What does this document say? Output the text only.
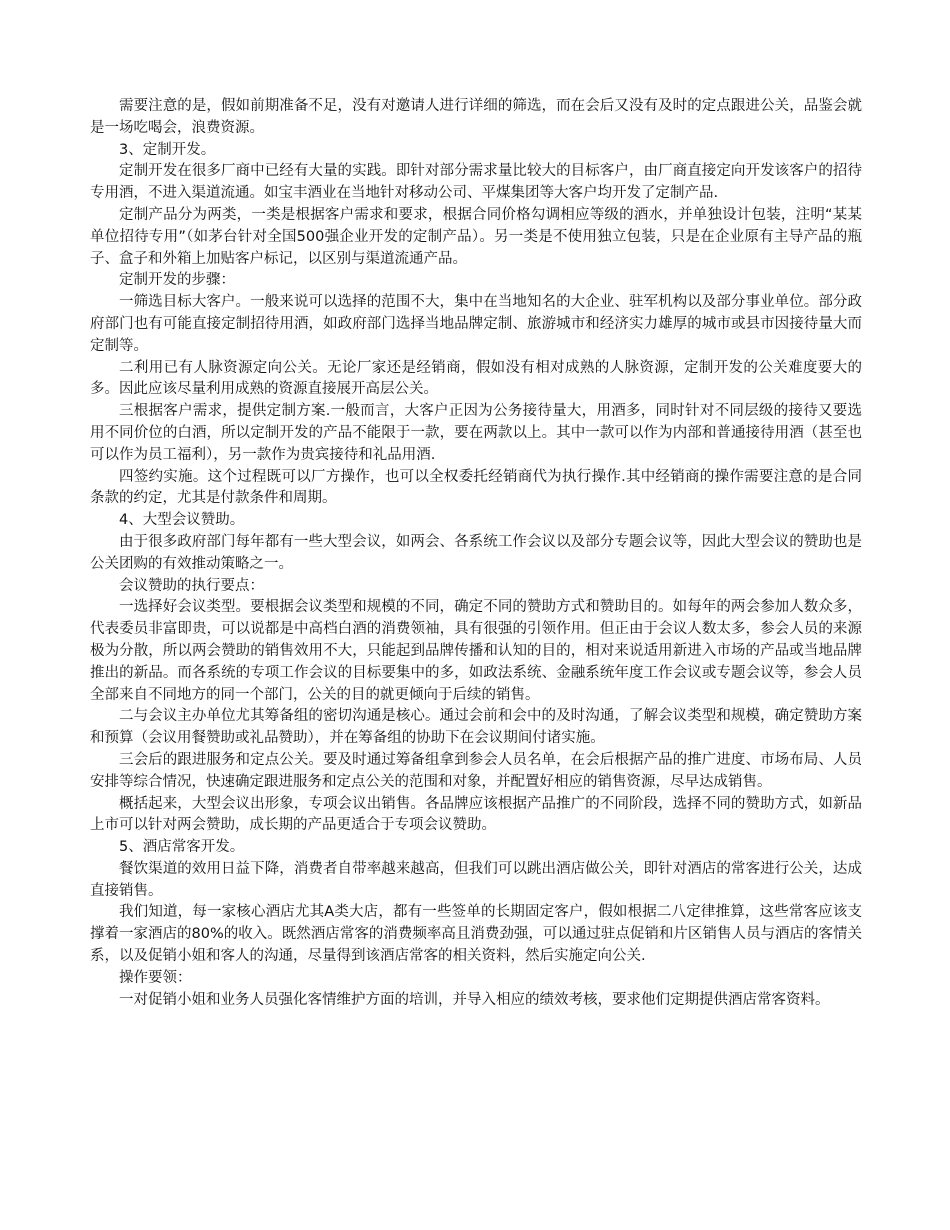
需要注意的是，假如前期准备不足，没有对邀请人进行详细的筛选，而在会后又没有及时的定点跟进公关，品鉴会就是一场吃喝会，浪费资源。

3、定制开发。

定制开发在很多厂商中已经有大量的实践。即针对部分需求量比较大的目标客户，由厂商直接定向开发该客户的招待专用酒，不进入渠道流通。如宝丰酒业在当地针对移动公司、平煤集团等大客户均开发了定制产品.

定制产品分为两类，一类是根据客户需求和要求，根据合同价格勾调相应等级的酒水，并单独设计包装，注明“某某单位招待专用”（如茅台针对全国500强企业开发的定制产品）。另一类是不使用独立包装，只是在企业原有主导产品的瓶子、盒子和外箱上加贴客户标记，以区别与渠道流通产品。

定制开发的步骤：

一筛选目标大客户。一般来说可以选择的范围不大，集中在当地知名的大企业、驻军机构以及部分事业单位。部分政府部门也有可能直接定制招待用酒，如政府部门选择当地品牌定制、旅游城市和经济实力雄厚的城市或县市因接待量大而定制等。

二利用已有人脉资源定向公关。无论厂家还是经销商，假如没有相对成熟的人脉资源，定制开发的公关难度要大的多。因此应该尽量利用成熟的资源直接展开高层公关。

三根据客户需求，提供定制方案.一般而言，大客户正因为公务接待量大，用酒多，同时针对不同层级的接待又要选用不同价位的白酒，所以定制开发的产品不能限于一款，要在两款以上。其中一款可以作为内部和普通接待用酒（甚至也可以作为员工福利），另一款作为贵宾接待和礼品用酒.

四签约实施。这个过程既可以厂方操作，也可以全权委托经销商代为执行操作.其中经销商的操作需要注意的是合同条款的约定，尤其是付款条件和周期。

4、大型会议赞助。

由于很多政府部门每年都有一些大型会议，如两会、各系统工作会议以及部分专题会议等，因此大型会议的赞助也是公关团购的有效推动策略之一。

会议赞助的执行要点：

一选择好会议类型。要根据会议类型和规模的不同，确定不同的赞助方式和赞助目的。如每年的两会参加人数众多，代表委员非富即贵，可以说都是中高档白酒的消费领袖，具有很强的引领作用。但正由于会议人数太多，参会人员的来源极为分散，所以两会赞助的销售效用不大，只能起到品牌传播和认知的目的，相对来说适用新进入市场的产品或当地品牌推出的新品。而各系统的专项工作会议的目标要集中的多，如政法系统、金融系统年度工作会议或专题会议等，参会人员全部来自不同地方的同一个部门，公关的目的就更倾向于后续的销售。

二与会议主办单位尤其筹备组的密切沟通是核心。通过会前和会中的及时沟通，了解会议类型和规模，确定赞助方案和预算（会议用餐赞助或礼品赞助），并在筹备组的协助下在会议期间付诸实施。

三会后的跟进服务和定点公关。要及时通过筹备组拿到参会人员名单，在会后根据产品的推广进度、市场布局、人员安排等综合情况，快速确定跟进服务和定点公关的范围和对象，并配置好相应的销售资源，尽早达成销售。

概括起来，大型会议出形象，专项会议出销售。各品牌应该根据产品推广的不同阶段，选择不同的赞助方式，如新品上市可以针对两会赞助，成长期的产品更适合于专项会议赞助。

5、酒店常客开发。

餐饮渠道的效用日益下降，消费者自带率越来越高，但我们可以跳出酒店做公关，即针对酒店的常客进行公关，达成直接销售。

我们知道，每一家核心酒店尤其A类大店，都有一些签单的长期固定客户，假如根据二八定律推算，这些常客应该支撑着一家酒店的80%的收入。既然酒店常客的消费频率高且消费劲强，可以通过驻点促销和片区销售人员与酒店的客情关系，以及促销小姐和客人的沟通，尽量得到该酒店常客的相关资料，然后实施定向公关.

操作要领：

一对促销小姐和业务人员强化客情维护方面的培训，并导入相应的绩效考核，要求他们定期提供酒店常客资料。
